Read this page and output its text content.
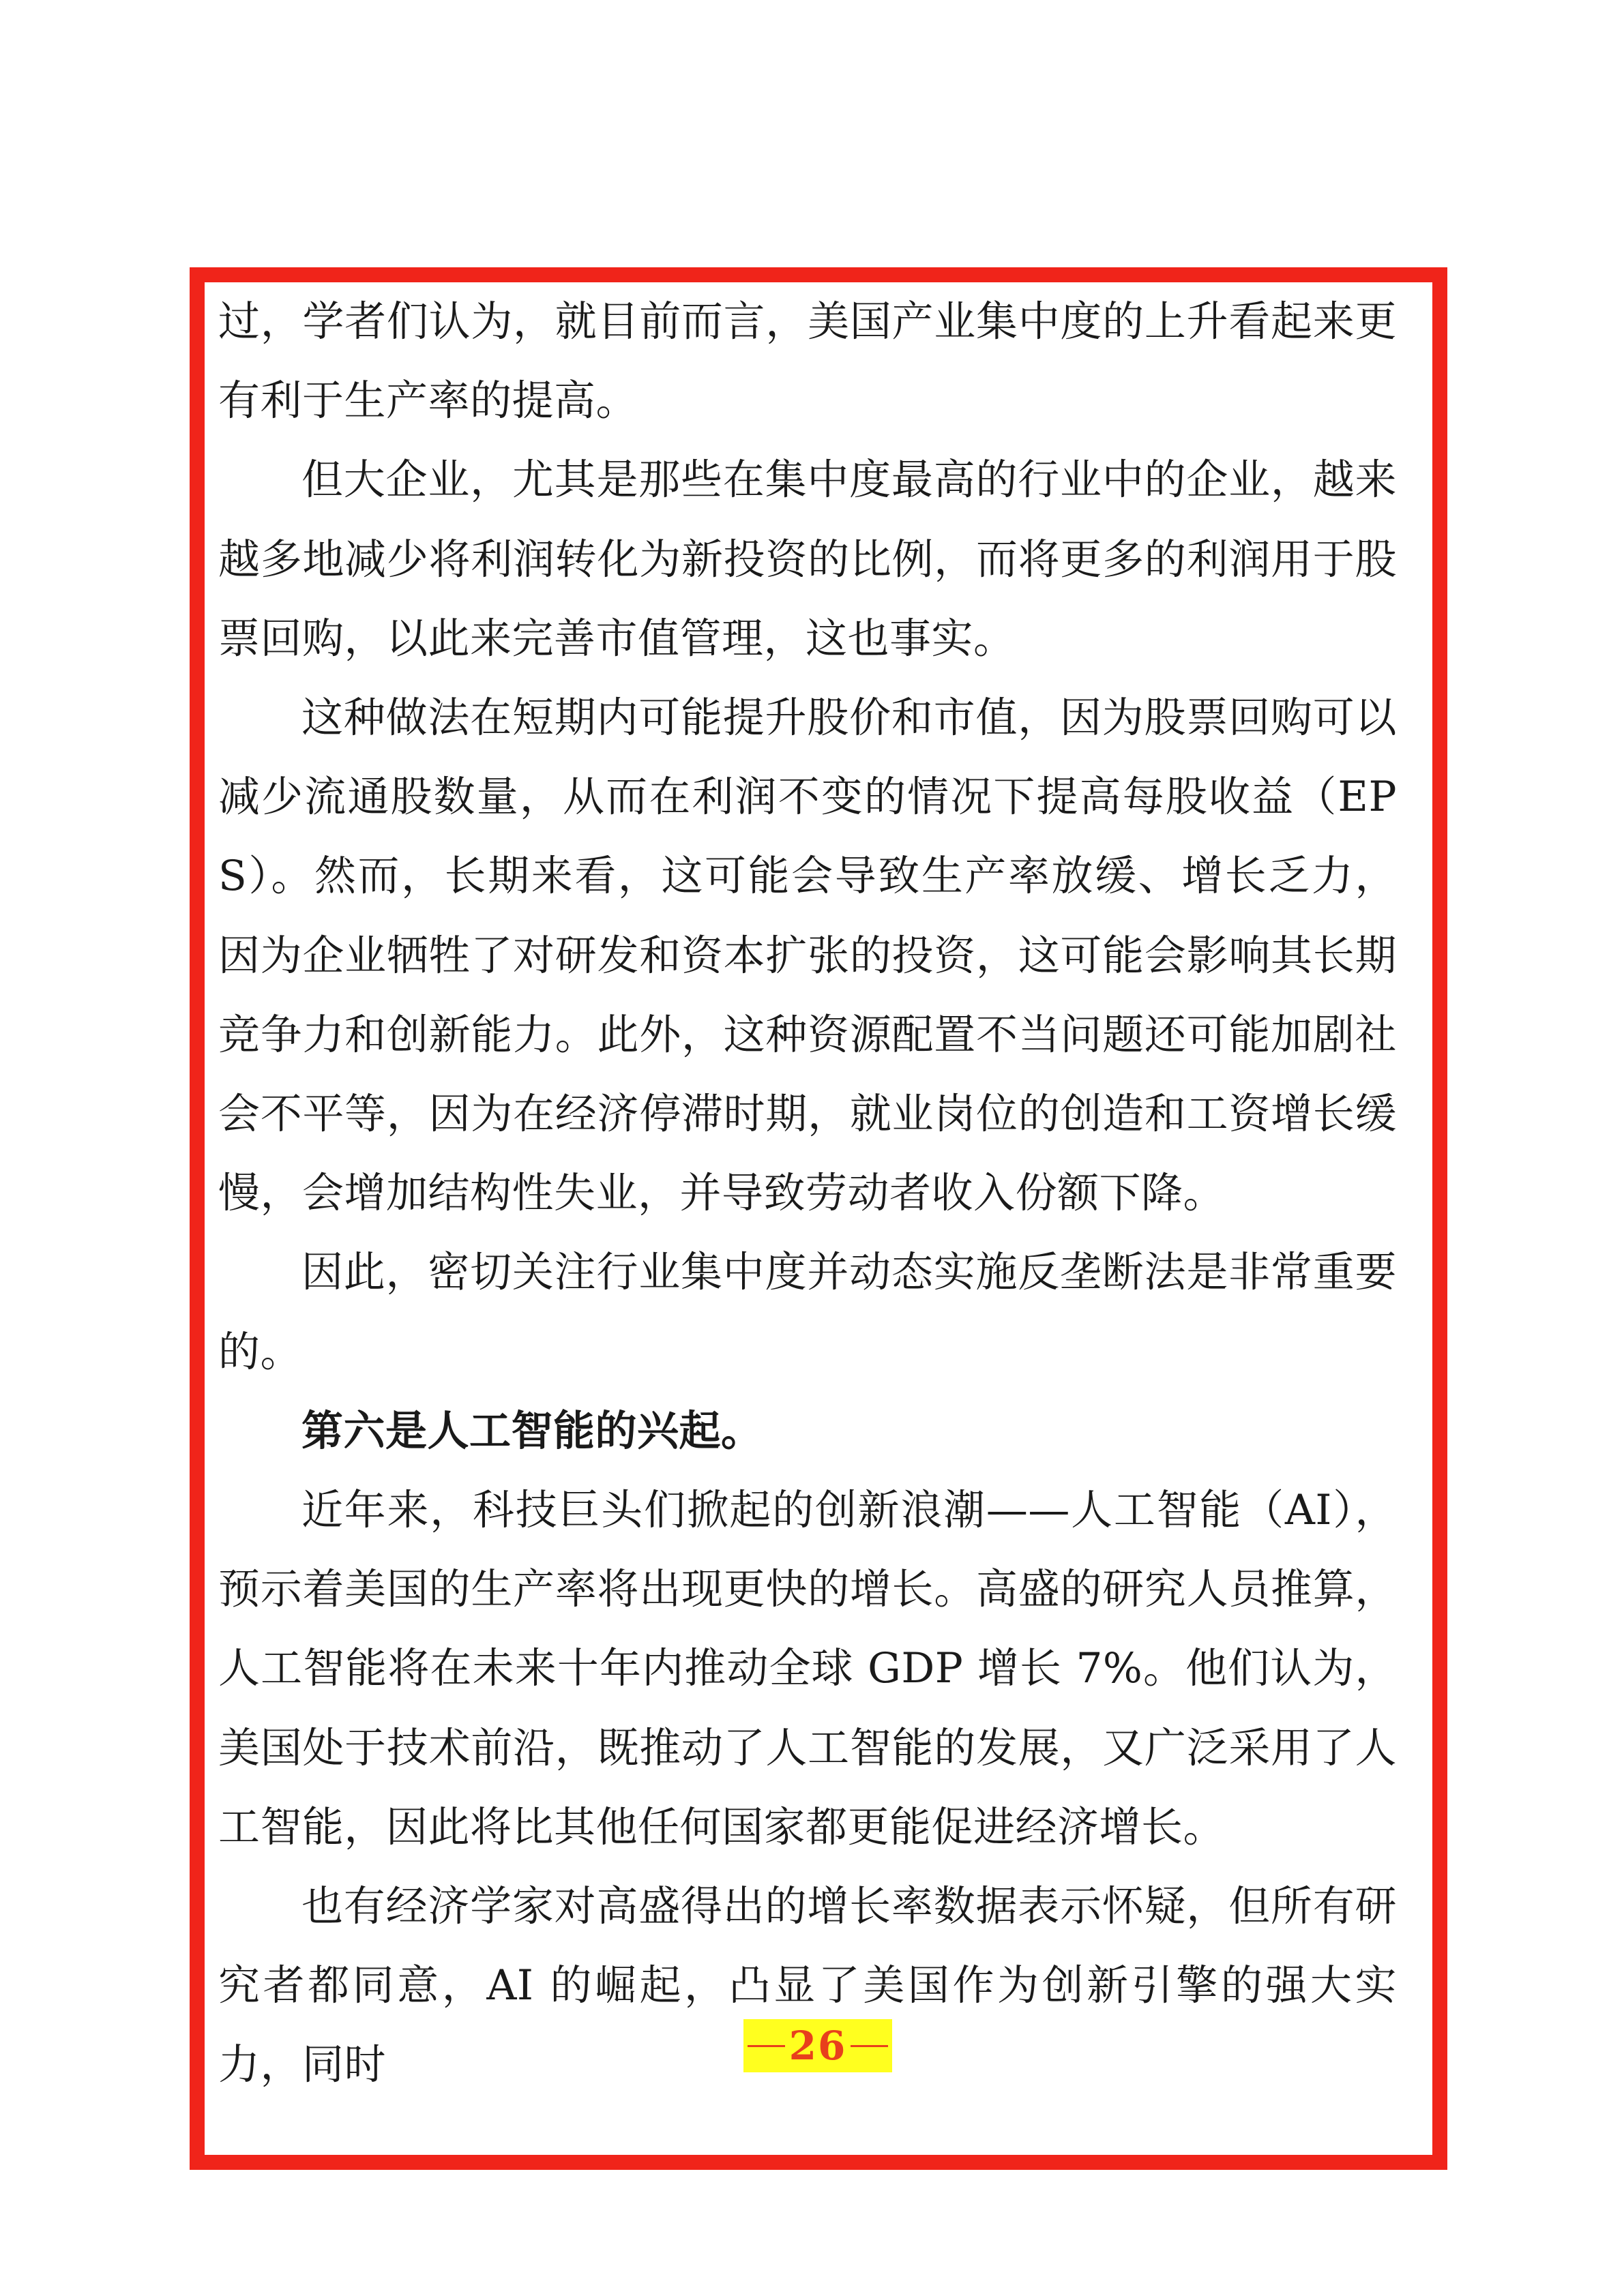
过，学者们认为，就目前而言，美国产业集中度的上升看起来更有利于生产率的提高。

但大企业，尤其是那些在集中度最高的行业中的企业，越来越多地减少将利润转化为新投资的比例，而将更多的利润用于股票回购，以此来完善市值管理，这也事实。

这种做法在短期内可能提升股价和市值，因为股票回购可以减少流通股数量，从而在利润不变的情况下提高每股收益（EPS）。然而，长期来看，这可能会导致生产率放缓、增长乏力，因为企业牺牲了对研发和资本扩张的投资，这可能会影响其长期竞争力和创新能力。此外，这种资源配置不当问题还可能加剧社会不平等，因为在经济停滞时期，就业岗位的创造和工资增长缓慢，会增加结构性失业，并导致劳动者收入份额下降。

因此，密切关注行业集中度并动态实施反垄断法是非常重要的。

第六是人工智能的兴起。

近年来，科技巨头们掀起的创新浪潮——人工智能（AI），预示着美国的生产率将出现更快的增长。高盛的研究人员推算，人工智能将在未来十年内推动全球 GDP 增长 7%。他们认为，美国处于技术前沿，既推动了人工智能的发展，又广泛采用了人工智能，因此将比其他任何国家都更能促进经济增长。

也有经济学家对高盛得出的增长率数据表示怀疑，但所有研究者都同意，AI 的崛起，凸显了美国作为创新引擎的强大实力，同时	26
